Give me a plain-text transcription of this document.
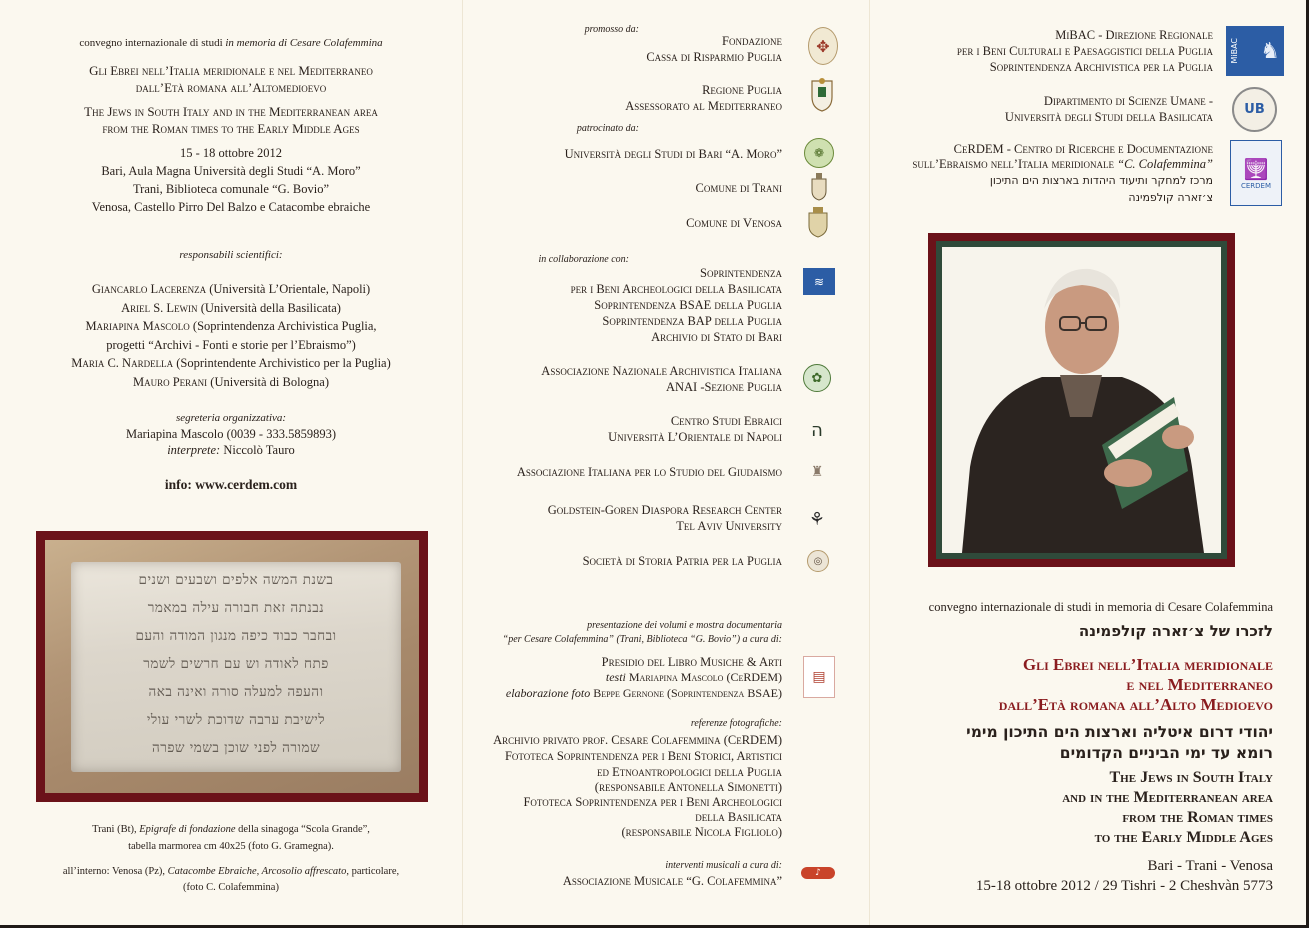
convegno internazionale di studi in memoria di Cesare Colafemmina
Gli Ebrei nell’Italia meridionale e nel Mediterraneo
dall’Età romana all’Altomedioevo
The Jews in South Italy and in the Mediterranean area
from the Roman times to the Early Middle Ages
15 - 18 ottobre 2012
Bari, Aula Magna Università degli Studi “A. Moro”
Trani, Biblioteca comunale “G. Bovio”
Venosa, Castello Pirro Del Balzo e Catacombe ebraiche
responsabili scientifici:
Giancarlo Lacerenza (Università L’Orientale, Napoli)
Ariel S. Lewin (Università della Basilicata)
Mariapina Mascolo (Soprintendenza Archivistica Puglia,
progetti “Archivi - Fonti e storie per l’Ebraismo”)
Maria C. Nardella (Soprintendente Archivistico per la Puglia)
Mauro Perani (Università di Bologna)
segreteria organizzativa:
Mariapina Mascolo (0039 - 333.5859893)
interprete: Niccolò Tauro
info: www.cerdem.com
בשנת המשה אלפים ושבעים ושנים
נבנתה זאת חבורה עילה במאמר
ובחבר כבוד כיפה מנגון המודה והעם
פתח לאודה וש עם חרשים לשמר
והעפה למעלה סורה ואינה באה
לישיבת ערבה שדוכת לשרי עולי
שמורה לפני שוכן בשמי שפרה
Trani (Bt), Epigrafe di fondazione della sinagoga “Scola Grande”,
tabella marmorea cm 40x25 (foto G. Gramegna).
all’interno: Venosa (Pz), Catacombe Ebraiche, Arcosolio affrescato, particolare,
(foto C. Colafemmina)
promosso da:
Fondazione
Cassa di Risparmio Puglia
✥
Regione Puglia
Assessorato al Mediterraneo
patrocinato da:
Università degli Studi di Bari “A. Moro”	❁
Comune di Trani
Comune di Venosa
in collaborazione con:
Soprintendenza
per i Beni Archeologici della Basilicata
Soprintendenza BSAE della Puglia
Soprintendenza BAP della Puglia
Archivio di Stato di Bari
≋
Associazione Nazionale Archivistica Italiana
ANAI -Sezione Puglia
✿
Centro Studi Ebraici
Università L’Orientale di Napoli ה
Associazione Italiana per lo Studio del Giudaismo ♜
Goldstein-Goren Diaspora Research Center
Tel Aviv University ⚘
Società di Storia Patria per la Puglia	◎
presentazione dei volumi e mostra documentaria
“per Cesare Colafemmina” (Trani, Biblioteca “G. Bovio”) a cura di:
Presidio del Libro Musiche & Arti
testi Mariapina Mascolo (CeRDEM)
elaborazione foto Beppe Gernone (Soprintendenza BSAE)
▤
referenze fotografiche:
Archivio privato prof. Cesare Colafemmina (CeRDEM)
Fototeca Soprintendenza per i Beni Storici, Artistici
ed Etnoantropologici della Puglia
(responsabile Antonella Simonetti)
Fototeca Soprintendenza per i Beni Archeologici
della Basilicata
(responsabile Nicola Figliolo)
interventi musicali a cura di:
Associazione Musicale “G. Colafemmina”
♪
MiBAC - Direzione Regionale
per i Beni Culturali e Paesaggistici della Puglia
Soprintendenza Archivistica per la Puglia
MiBAC ♞
Dipartimento di Scienze Umane -
Università degli Studi della Basilicata UB
CeRDEM - Centro di Ricerche e Documentazione
sull’Ebraismo nell’Italia meridionale “C. Colafemmina”
מרכז למחקר ותיעוד היהדות בארצות הים התיכון
צ׳זארה קולפמינה
🕎
CERDEM
convegno internazionale di studi in memoria di Cesare Colafemmina
לזכרו של צ׳זארה קולפמינה
Gli Ebrei nell’Italia meridionale
e nel Mediterraneo
dall’Età romana all’Alto Medioevo
יהודי דרום איטליה וארצות הים התיכון מימי
רומא עד ימי הביניים הקדומים
The Jews in South Italy
and in the Mediterranean area
from the Roman times
to the Early Middle Ages
Bari - Trani - Venosa
15-18 ottobre 2012 / 29 Tishri - 2 Cheshvàn 5773
